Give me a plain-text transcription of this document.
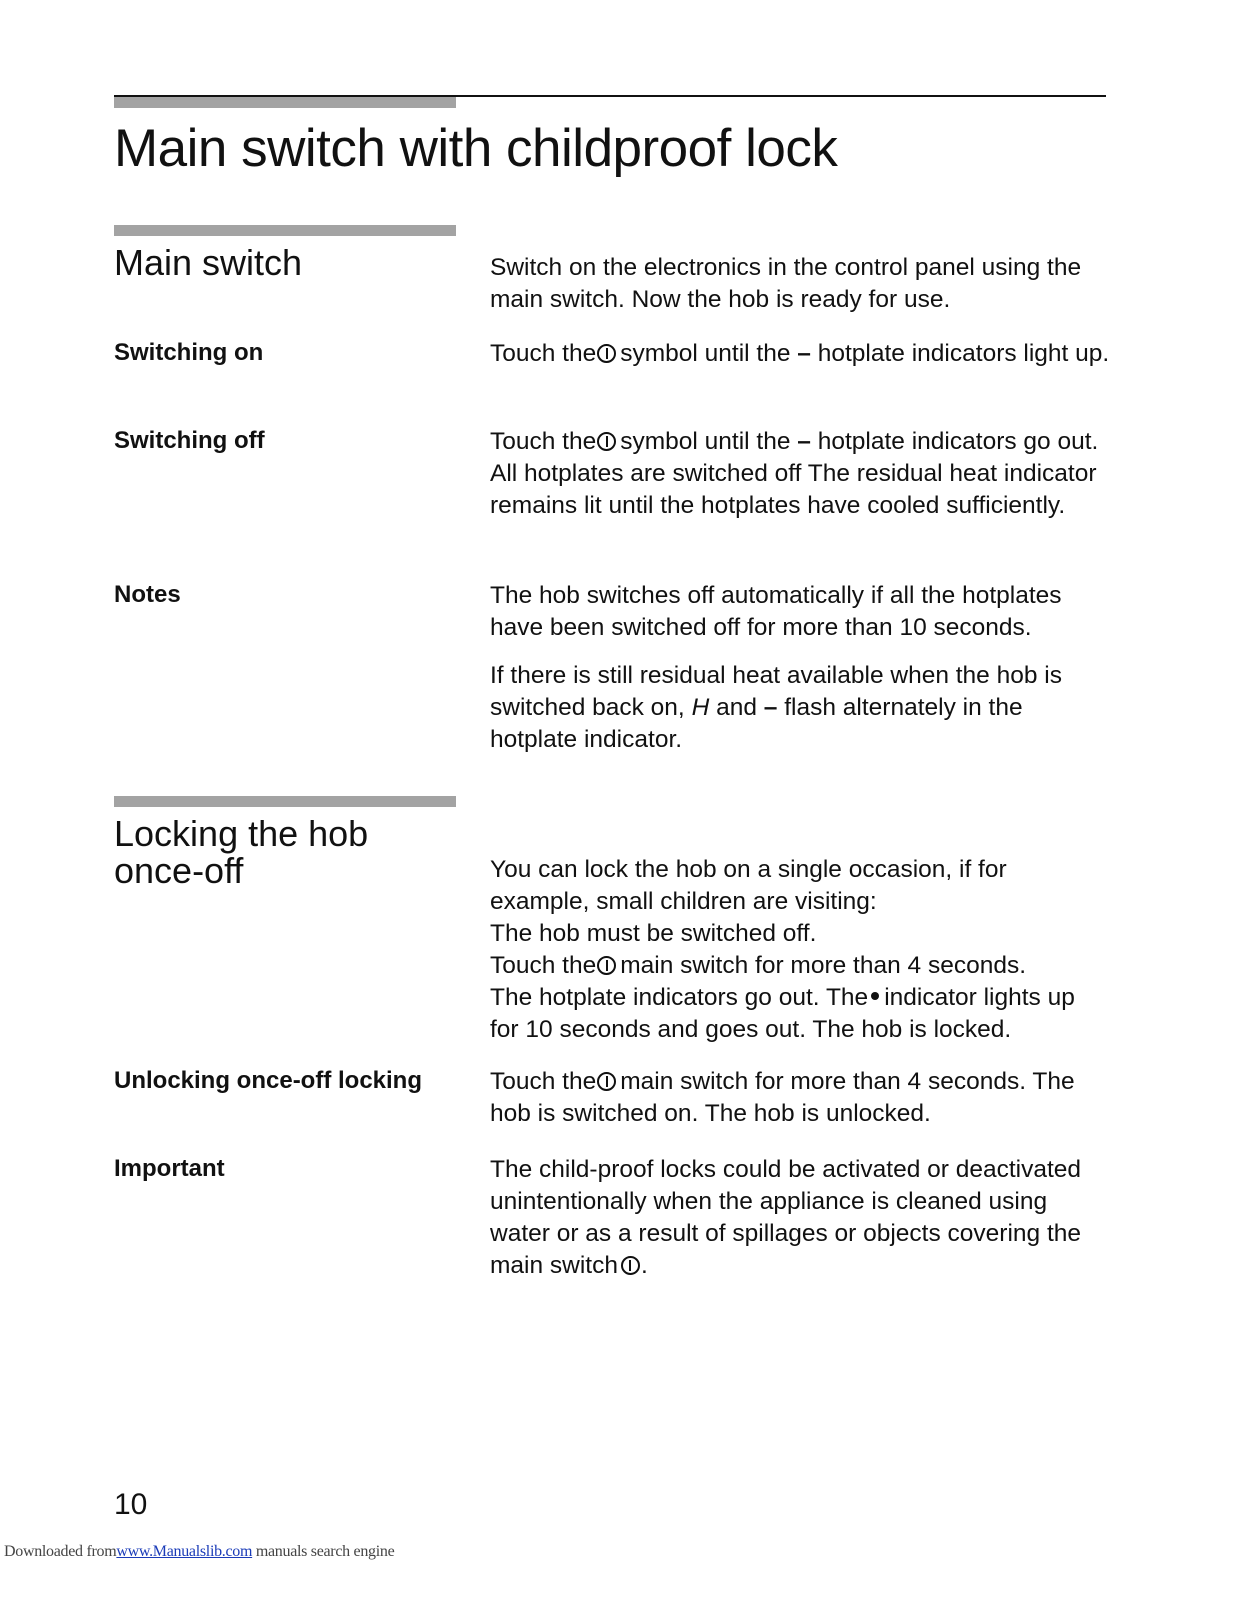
Main switch with childproof lock
Main switch	Switch on the electronics in the control panel using the main switch. Now the hob is ready for use.

Switching on	Touch the symbol until the – hotplate indicators light up.

Switching off	Touch the symbol until the – hotplate indicators go out. All hotplates are switched off The residual heat indicator remains lit until the hotplates have cooled sufficiently.

Notes	The hob switches off automatically if all the hotplates have been switched off for more than 10 seconds.

If there is still residual heat available when the hob is switched back on, H and – flash alternately in the hotplate indicator.

Locking the hob once-off	You can lock the hob on a single occasion, if for example, small children are visiting:

The hob must be switched off.

Touch the main switch for more than 4 seconds.

The hotplate indicators go out. The indicator lights up for 10 seconds and goes out. The hob is locked.

Unlocking once-off locking	Touch the main switch for more than 4 seconds. The hob is switched on. The hob is unlocked.

Important	The child-proof locks could be activated or deactivated unintentionally when the appliance is cleaned using water or as a result of spillages or objects covering the main switch .

10
Downloaded fromwww.Manualslib.com manuals search engine
